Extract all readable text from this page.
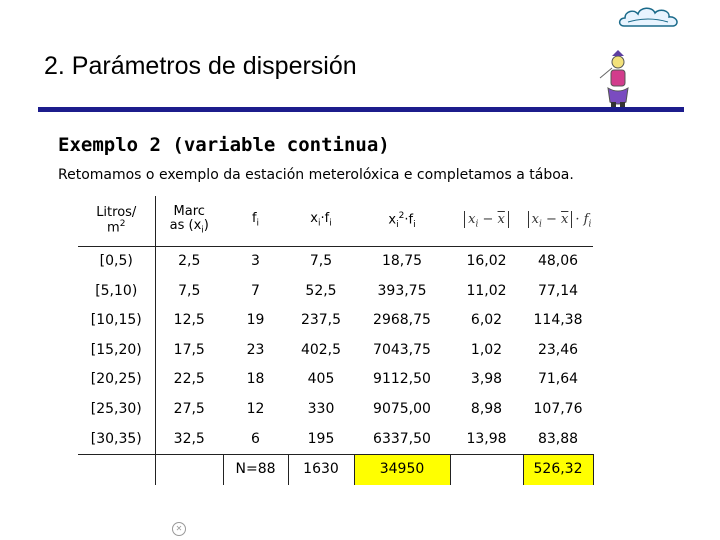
2. Parámetros de dispersión
Exemplo 2 (variable continua)
Retomamos o exemplo da estación meterolóxica e completamos a táboa.
Litros/
$m^2$	Marc
as $(x_i)$	$f_i$	$x_i\cdot f_i$	$x_i^2\cdot f_i$	$x_i - \overline{x}$	$x_i - \overline{x} \cdot f_i$
[0,5)	2,5	3	7,5	18,75	16,02	48,06
[5,10)	7,5	7	52,5	393,75	11,02	77,14
[10,15)	12,5	19	237,5	2968,75	6,02	114,38
[15,20)	17,5	23	402,5	7043,75	1,02	23,46
[20,25)	22,5	18	405	9112,50	3,98	71,64
[25,30)	27,5	12	330	9075,00	8,98	107,76
[30,35)	32,5	6	195	6337,50	13,98	83,88
		N=88	1630	34950		526,32
✕
